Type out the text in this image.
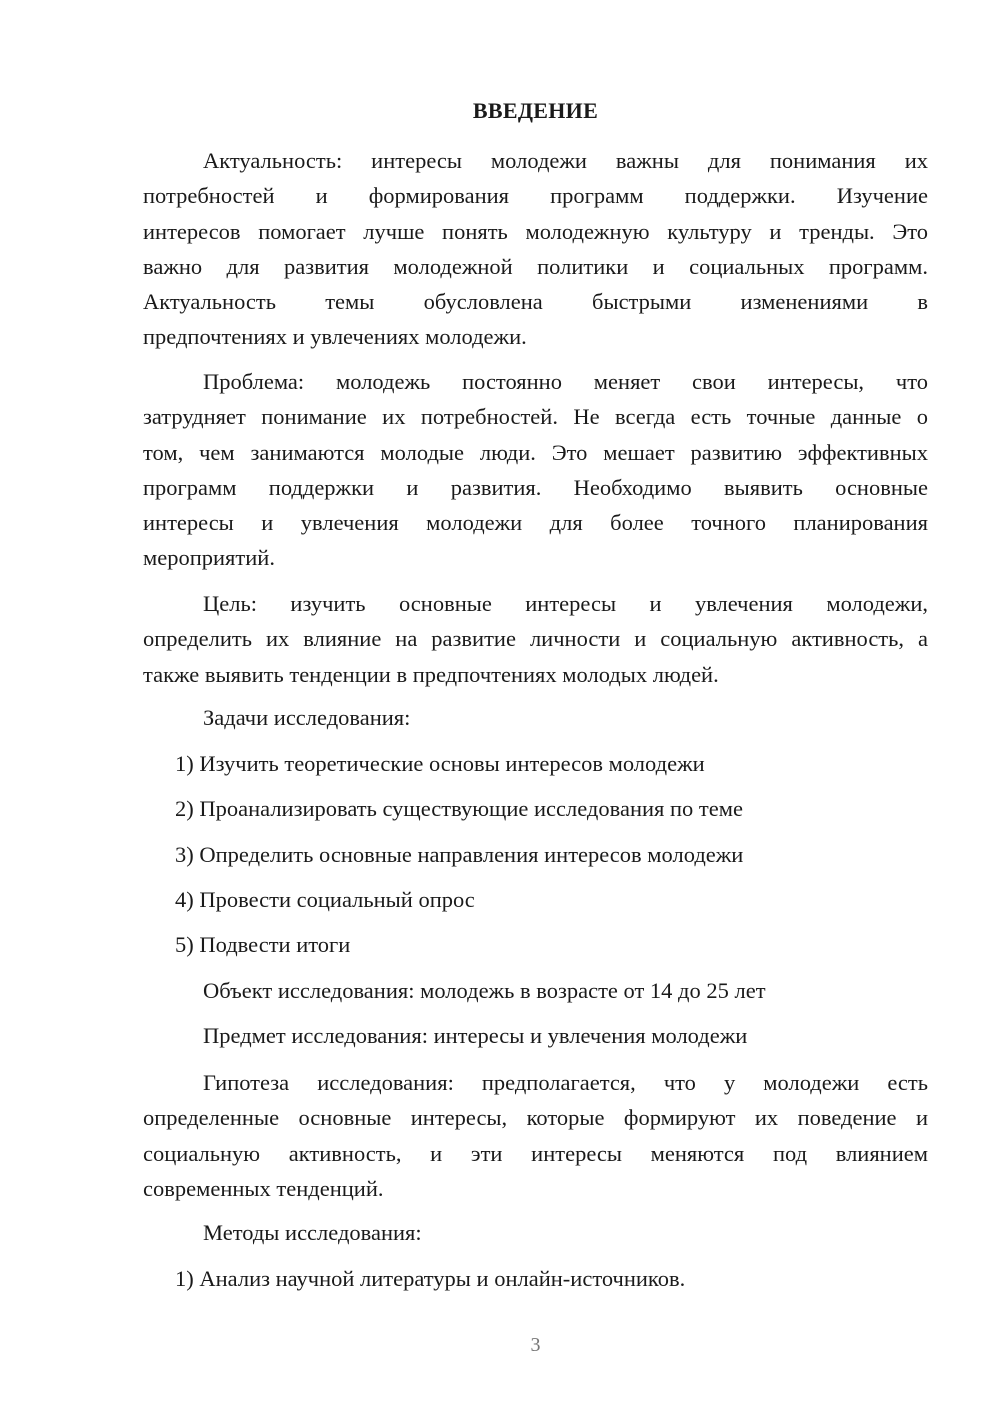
ВВЕДЕНИЕ
Актуальность: интересы молодежи важны для понимания их
потребностей и формирования программ поддержки. Изучение
интересов помогает лучше понять молодежную культуру и тренды. Это
важно для развития молодежной политики и социальных программ.
Актуальность темы обусловлена быстрыми изменениями в
предпочтениях и увлечениях молодежи.
Проблема: молодежь постоянно меняет свои интересы, что
затрудняет понимание их потребностей. Не всегда есть точные данные о
том, чем занимаются молодые люди. Это мешает развитию эффективных
программ поддержки и развития. Необходимо выявить основные
интересы и увлечения молодежи для более точного планирования
мероприятий.
Цель: изучить основные интересы и увлечения молодежи,
определить их влияние на развитие личности и социальную активность, а
также выявить тенденции в предпочтениях молодых людей.
Задачи исследования:
1) Изучить теоретические основы интересов молодежи
2) Проанализировать существующие исследования по теме
3) Определить основные направления интересов молодежи
4) Провести социальный опрос
5) Подвести итоги
Объект исследования: молодежь в возрасте от 14 до 25 лет
Предмет исследования: интересы и увлечения молодежи
Гипотеза исследования: предполагается, что у молодежи есть
определенные основные интересы, которые формируют их поведение и
социальную активность, и эти интересы меняются под влиянием
современных тенденций.
Методы исследования:
1) Анализ научной литературы и онлайн-источников.
3
